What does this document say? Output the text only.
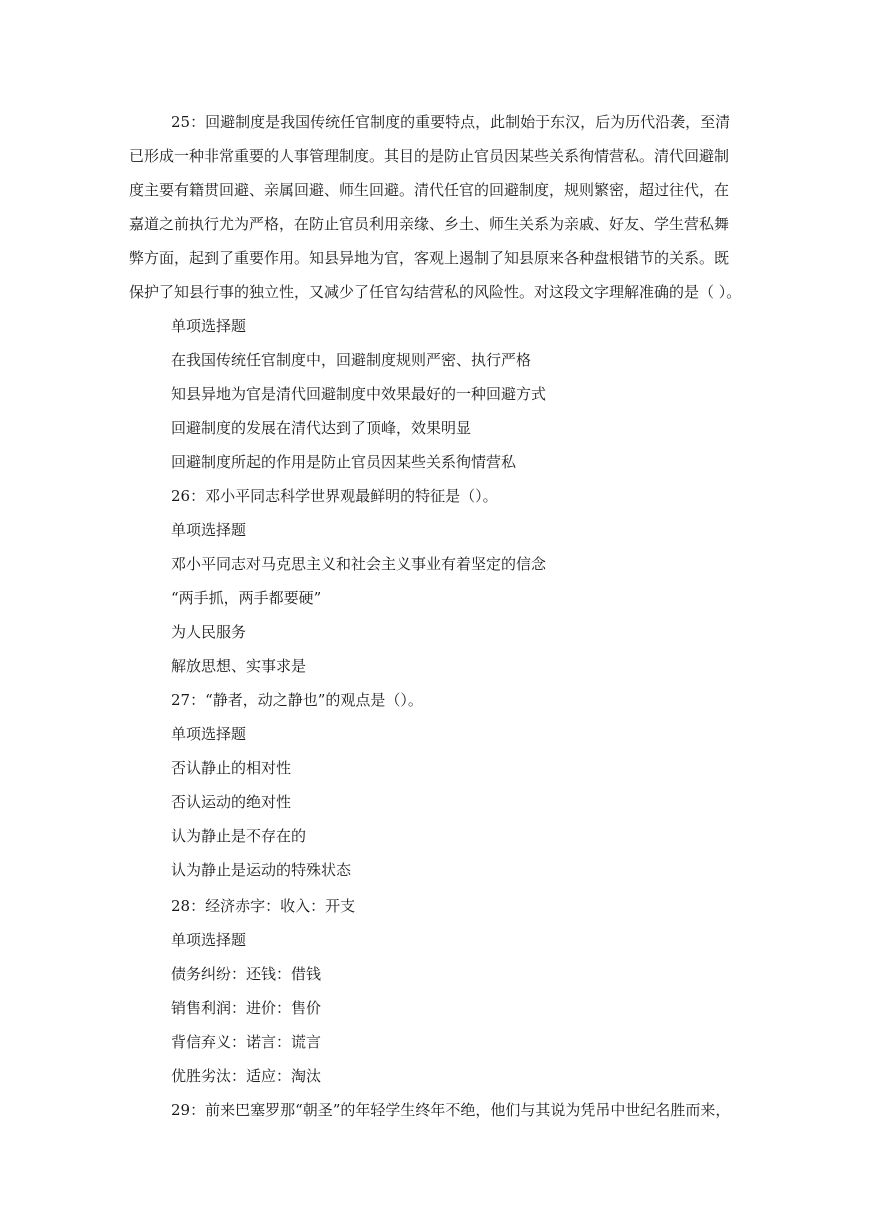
25：回避制度是我国传统任官制度的重要特点，此制始于东汉，后为历代沿袭，至清

已形成一种非常重要的人事管理制度。其目的是防止官员因某些关系徇情营私。清代回避制

度主要有籍贯回避、亲属回避、师生回避。清代任官的回避制度，规则繁密，超过往代，在

嘉道之前执行尤为严格，在防止官员利用亲缘、乡土、师生关系为亲戚、好友、学生营私舞

弊方面，起到了重要作用。知县异地为官，客观上遏制了知县原来各种盘根错节的关系。既

保护了知县行事的独立性，又减少了任官勾结营私的风险性。对这段文字理解准确的是（ ）。

单项选择题

在我国传统任官制度中，回避制度规则严密、执行严格

知县异地为官是清代回避制度中效果最好的一种回避方式

回避制度的发展在清代达到了顶峰，效果明显

回避制度所起的作用是防止官员因某些关系徇情营私

26：邓小平同志科学世界观最鲜明的特征是（）。

单项选择题

邓小平同志对马克思主义和社会主义事业有着坚定的信念

“两手抓，两手都要硬”

为人民服务

解放思想、实事求是

27：“静者，动之静也”的观点是（）。

单项选择题

否认静止的相对性

否认运动的绝对性

认为静止是不存在的

认为静止是运动的特殊状态

28：经济赤字：收入：开支

单项选择题

债务纠纷：还钱：借钱

销售利润：进价：售价

背信弃义：诺言：谎言

优胜劣汰：适应：淘汰

29：前来巴塞罗那“朝圣”的年轻学生终年不绝，他们与其说为凭吊中世纪名胜而来，
